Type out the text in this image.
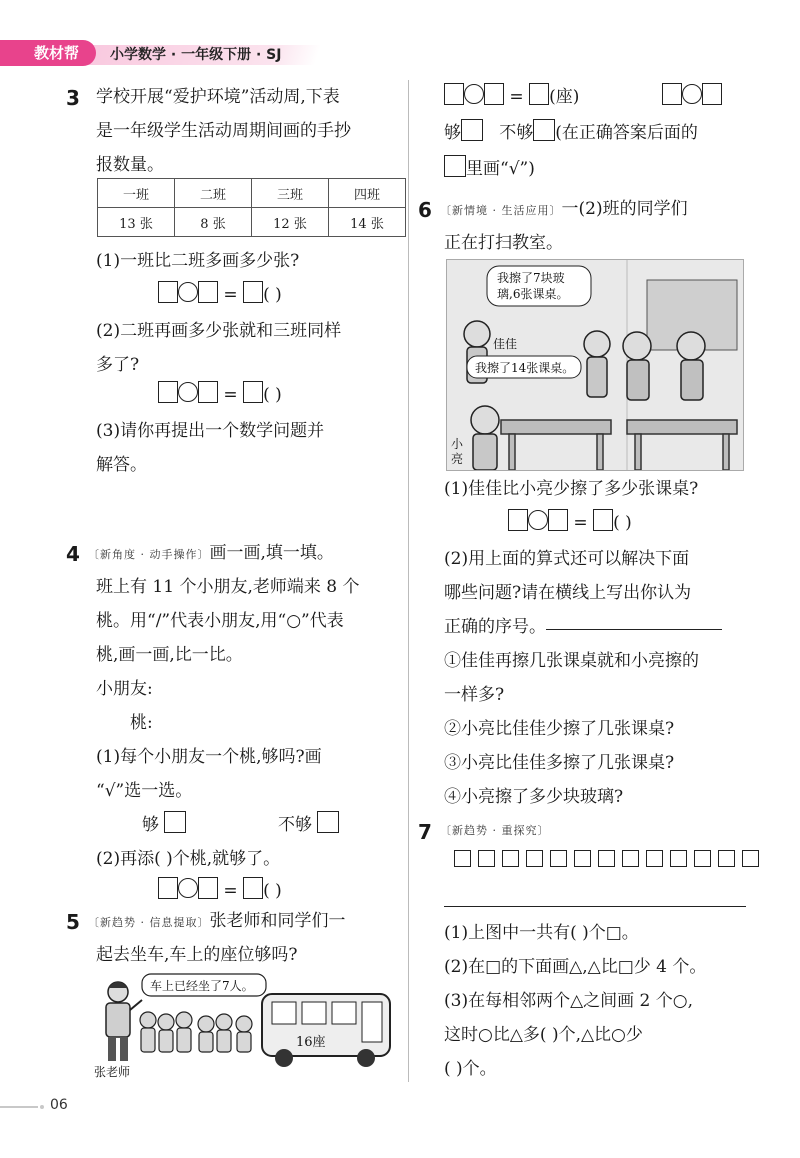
教材帮	小学数学 · 一年级下册 · SJ
3 学校开展“爱护环境”活动周,下表
是一年级学生活动周期间画的手抄
报数量。
一班	二班	三班	四班
13 张	8 张	12 张	14 张
(1)一班比二班多画多少张?
= ( )
(2)二班再画多少张就和三班同样
多了?
= ( )
(3)请你再提出一个数学问题并
解答。
4 〔新角度 · 动手操作〕画一画,填一填。
班上有 11 个小朋友,老师端来 8 个
桃。用“/”代表小朋友,用“○”代表
桃,画一画,比一比。
小朋友:
桃:
(1)每个小朋友一个桃,够吗?画
“√”选一选。
够	不够
(2)再添( )个桃,就够了。
= ( )
5 〔新趋势 · 信息提取〕张老师和同学们一
起去坐车,车上的座位够吗?
车上已经坐了7人。
16座
张老师
= (座)
够 不够 (在正确答案后面的
里画“√”)
6 〔新情境 · 生活应用〕一(2)班的同学们
正在打扫教室。
我擦了7块玻
璃,6张课桌。
我擦了14张课桌。
佳佳
小
亮
(1)佳佳比小亮少擦了多少张课桌?
= ( )
(2)用上面的算式还可以解决下面
哪些问题?请在横线上写出你认为
正确的序号。
①佳佳再擦几张课桌就和小亮擦的
一样多?
②小亮比佳佳少擦了几张课桌?
③小亮比佳佳多擦了几张课桌?
④小亮擦了多少块玻璃?
7 〔新趋势 · 重探究〕
(1)上图中一共有( )个□。
(2)在□的下面画△,△比□少 4 个。
(3)在每相邻两个△之间画 2 个○,
这时○比△多( )个,△比○少
( )个。
06
